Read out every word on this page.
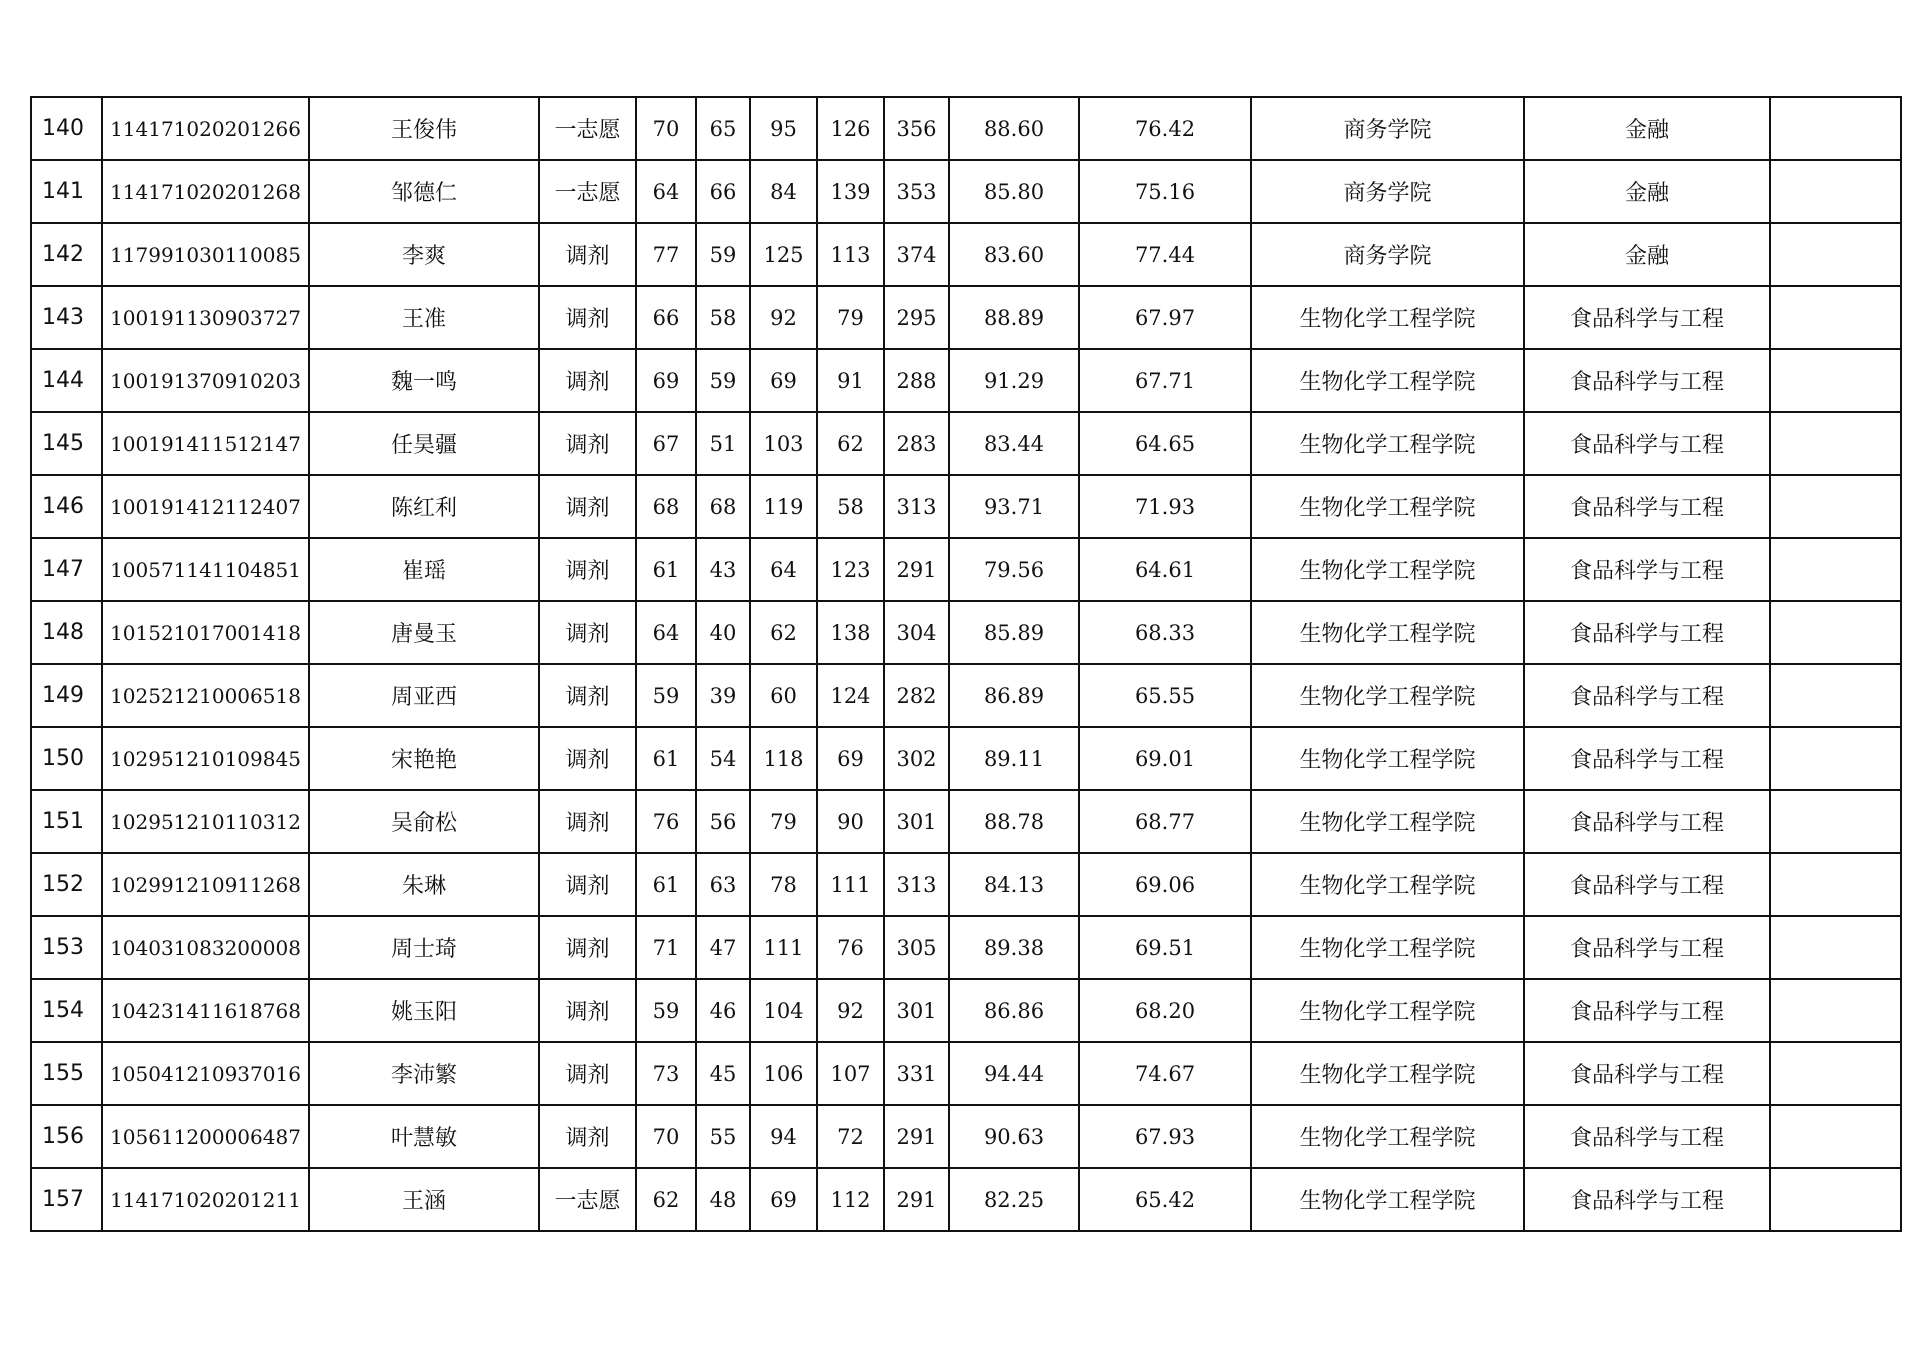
140	114171020201266	王俊伟	一志愿	70	65	95	126	356	88.60	76.42	商务学院	金融	
141	114171020201268	邹德仁	一志愿	64	66	84	139	353	85.80	75.16	商务学院	金融	
142	117991030110085	李爽	调剂	77	59	125	113	374	83.60	77.44	商务学院	金融	
143	100191130903727	王准	调剂	66	58	92	79	295	88.89	67.97	生物化学工程学院	食品科学与工程	
144	100191370910203	魏一鸣	调剂	69	59	69	91	288	91.29	67.71	生物化学工程学院	食品科学与工程	
145	100191411512147	任昊疆	调剂	67	51	103	62	283	83.44	64.65	生物化学工程学院	食品科学与工程	
146	100191412112407	陈红利	调剂	68	68	119	58	313	93.71	71.93	生物化学工程学院	食品科学与工程	
147	100571141104851	崔瑶	调剂	61	43	64	123	291	79.56	64.61	生物化学工程学院	食品科学与工程	
148	101521017001418	唐曼玉	调剂	64	40	62	138	304	85.89	68.33	生物化学工程学院	食品科学与工程	
149	102521210006518	周亚西	调剂	59	39	60	124	282	86.89	65.55	生物化学工程学院	食品科学与工程	
150	102951210109845	宋艳艳	调剂	61	54	118	69	302	89.11	69.01	生物化学工程学院	食品科学与工程	
151	102951210110312	吴俞松	调剂	76	56	79	90	301	88.78	68.77	生物化学工程学院	食品科学与工程	
152	102991210911268	朱琳	调剂	61	63	78	111	313	84.13	69.06	生物化学工程学院	食品科学与工程	
153	104031083200008	周士琦	调剂	71	47	111	76	305	89.38	69.51	生物化学工程学院	食品科学与工程	
154	104231411618768	姚玉阳	调剂	59	46	104	92	301	86.86	68.20	生物化学工程学院	食品科学与工程	
155	105041210937016	李沛繁	调剂	73	45	106	107	331	94.44	74.67	生物化学工程学院	食品科学与工程	
156	105611200006487	叶慧敏	调剂	70	55	94	72	291	90.63	67.93	生物化学工程学院	食品科学与工程	
157	114171020201211	王涵	一志愿	62	48	69	112	291	82.25	65.42	生物化学工程学院	食品科学与工程	
